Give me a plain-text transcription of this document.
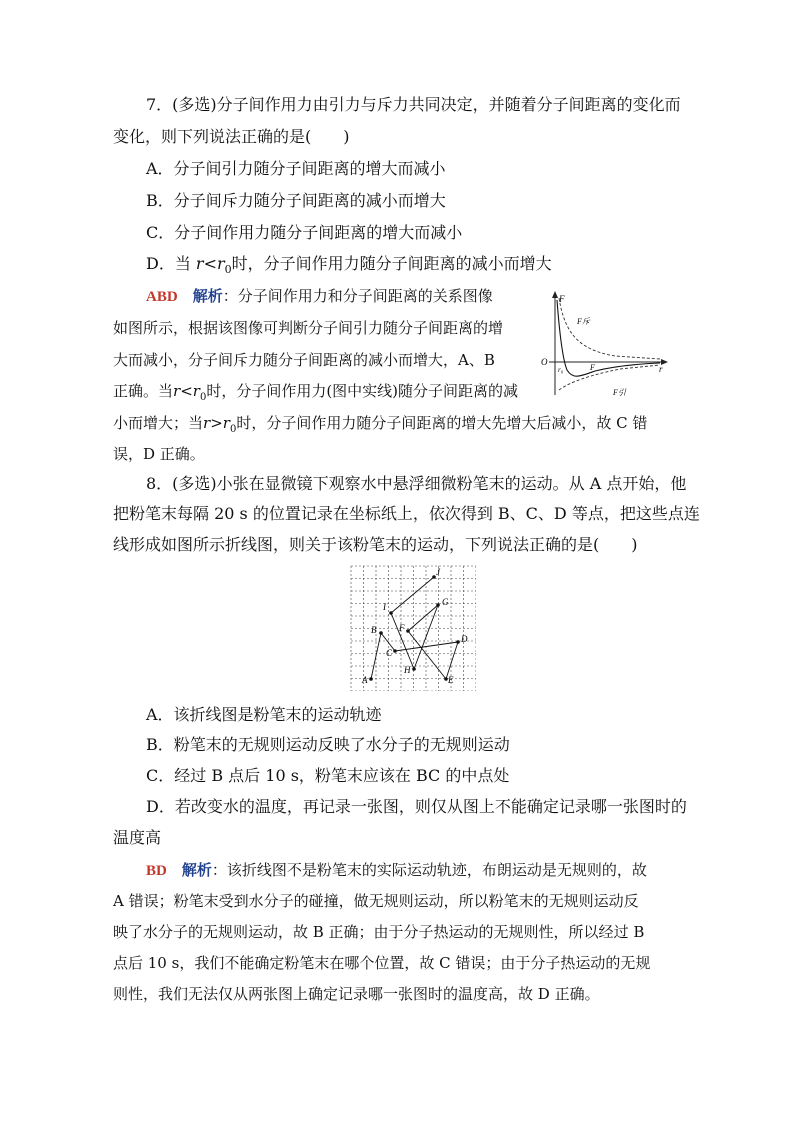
7．(多选)分子间作用力由引力与斥力共同决定，并随着分子间距离的变化而
变化，则下列说法正确的是(　　)
A．分子间引力随分子间距离的增大而减小
B．分子间斥力随分子间距离的减小而增大
C．分子间作用力随分子间距离的增大而减小
D．当 $r<r_0$时，分子间作用力随分子间距离的减小而增大
ABD　 解析：分子间作用力和分子间距离的关系图像
如图所示，根据该图像可判断分子间引力随分子间距离的增
大而减小，分子间斥力随分子间距离的减小而增大，A、B
正确。当$r<r_0$时，分子间作用力(图中实线)随分子间距离的减
小而增大；当$r>r_0$时，分子间作用力随分子间距离的增大先增大后减小，故 C 错
误，D 正确。
F
r
O
r₀
F斥
F
F引
8．(多选)小张在显微镜下观察水中悬浮细微粉笔末的运动。从 A 点开始，他
把粉笔末每隔 20 s 的位置记录在坐标纸上，依次得到 B、C、D 等点，把这些点连
线形成如图所示折线图，则关于该粉笔末的运动，下列说法正确的是(　　)
A
B
C
D
E
F
G
H
I
J
A．该折线图是粉笔末的运动轨迹
B．粉笔末的无规则运动反映了水分子的无规则运动
C．经过 B 点后 10 s，粉笔末应该在 BC 的中点处
D．若改变水的温度，再记录一张图，则仅从图上不能确定记录哪一张图时的
温度高
BD　 解析：该折线图不是粉笔末的实际运动轨迹，布朗运动是无规则的，故
A 错误；粉笔末受到水分子的碰撞，做无规则运动，所以粉笔末的无规则运动反
映了水分子的无规则运动，故 B 正确；由于分子热运动的无规则性，所以经过 B
点后 10 s，我们不能确定粉笔末在哪个位置，故 C 错误；由于分子热运动的无规
则性，我们无法仅从两张图上确定记录哪一张图时的温度高，故 D 正确。
